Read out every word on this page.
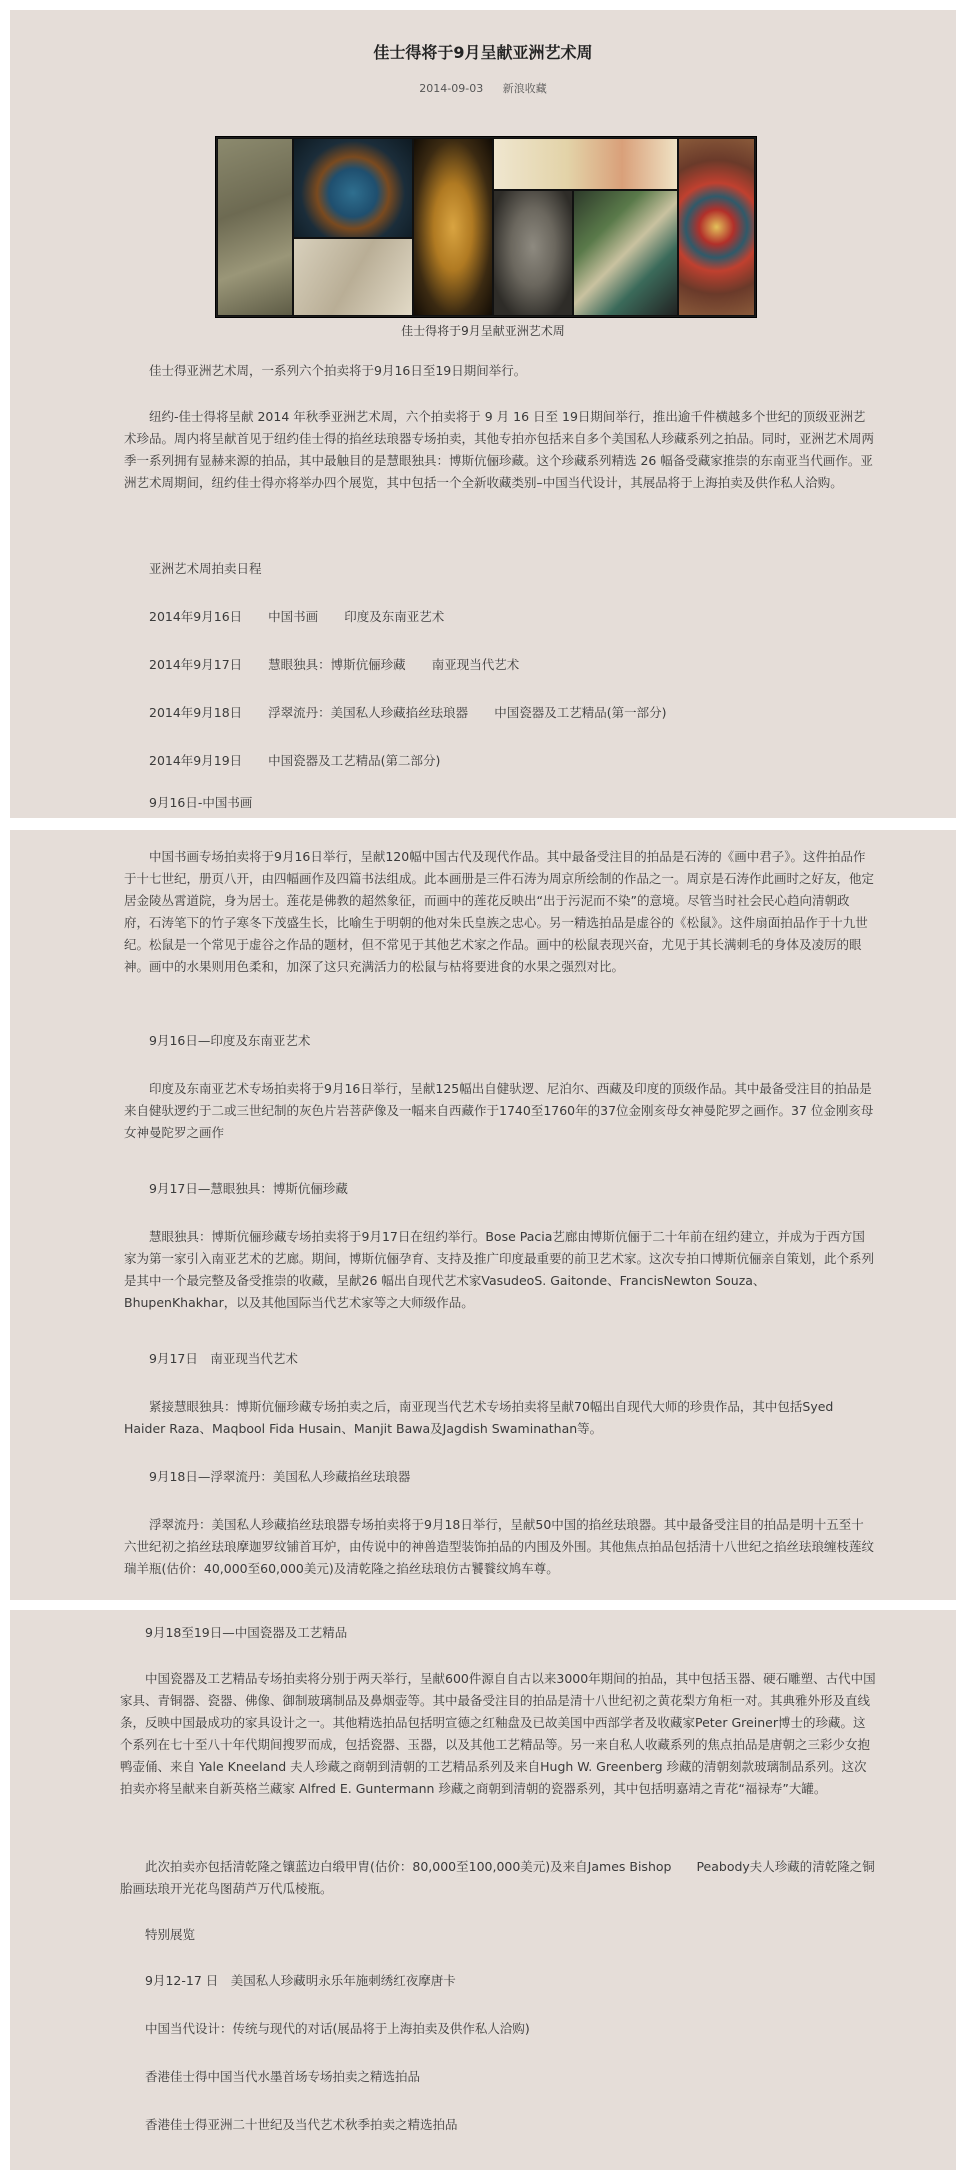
佳士得将于9月呈献亚洲艺术周
2014-09-03 新浪收藏
佳士得将于9月呈献亚洲艺术周

佳士得亚洲艺术周，一系列六个拍卖将于9月16日至19日期间举行。

纽约-佳士得将呈献 2014 年秋季亚洲艺术周，六个拍卖将于 9 月 16 日至 19日期间举行，推出逾千件横越多个世纪的顶级亚洲艺术珍品。周内将呈献首见于纽约佳士得的掐丝珐琅器专场拍卖，其他专拍亦包括来自多个美国私人珍藏系列之拍品。同时，亚洲艺术周两季一系列拥有显赫来源的拍品，其中最触目的是慧眼独具：博斯伉俪珍藏。这个珍藏系列精选 26 幅备受藏家推崇的东南亚当代画作。亚洲艺术周期间，纽约佳士得亦将举办四个展览，其中包括一个全新收藏类别–中国当代设计，其展品将于上海拍卖及供作私人洽购。

亚洲艺术周拍卖日程

2014年9月16日 中国书画 印度及东南亚艺术

2014年9月17日 慧眼独具：博斯伉俪珍藏 南亚现当代艺术

2014年9月18日 浮翠流丹：美国私人珍藏掐丝珐琅器 中国瓷器及工艺精品(第一部分)

2014年9月19日 中国瓷器及工艺精品(第二部分)

9月16日-中国书画

中国书画专场拍卖将于9月16日举行，呈献120幅中国古代及现代作品。其中最备受注目的拍品是石涛的《画中君子》。这件拍品作于十七世纪，册页八开，由四幅画作及四篇书法组成。此本画册是三件石涛为周京所绘制的作品之一。周京是石涛作此画时之好友，他定居金陵丛霄道院，身为居士。莲花是佛教的超然象征，而画中的莲花反映出“出于污泥而不染”的意境。尽管当时社会民心趋向清朝政府，石涛笔下的竹子寒冬下茂盛生长，比喻生于明朝的他对朱氏皇族之忠心。另一精选拍品是虚谷的《松鼠》。这件扇面拍品作于十九世纪。松鼠是一个常见于虚谷之作品的题材，但不常见于其他艺术家之作品。画中的松鼠表现兴奋，尤见于其长满刺毛的身体及凌厉的眼神。画中的水果则用色柔和，加深了这只充满活力的松鼠与枯将要进食的水果之强烈对比。

9月16日—印度及东南亚艺术

印度及东南亚艺术专场拍卖将于9月16日举行，呈献125幅出自健驮逻、尼泊尔、西藏及印度的顶级作品。其中最备受注目的拍品是来自健驮逻约于二或三世纪制的灰色片岩菩萨像及一幅来自西藏作于1740至1760年的37位金刚亥母女神曼陀罗之画作。37 位金刚亥母女神曼陀罗之画作

9月17日—慧眼独具：博斯伉俪珍藏

慧眼独具：博斯伉俪珍藏专场拍卖将于9月17日在纽约举行。Bose Pacia艺廊由博斯伉俪于二十年前在纽约建立，并成为于西方国家为第一家引入南亚艺术的艺廊。期间，博斯伉俪孕育、支持及推广印度最重要的前卫艺术家。这次专拍口博斯伉俪亲自策划，此个系列是其中一个最完整及备受推崇的收藏，呈献26 幅出自现代艺术家VasudeoS. Gaitonde、FrancisNewton Souza、BhupenKhakhar，以及其他国际当代艺术家等之大师级作品。

9月17日　南亚现当代艺术

紧接慧眼独具：博斯伉俪珍藏专场拍卖之后，南亚现当代艺术专场拍卖将呈献70幅出自现代大师的珍贵作品，其中包括Syed Haider Raza、Maqbool Fida Husain、Manjit Bawa及Jagdish Swaminathan等。

9月18日—浮翠流丹：美国私人珍藏掐丝珐琅器

浮翠流丹：美国私人珍藏掐丝珐琅器专场拍卖将于9月18日举行，呈献50中国的掐丝珐琅器。其中最备受注目的拍品是明十五至十六世纪初之掐丝珐琅摩迦罗纹铺首耳炉，由传说中的神兽造型装饰拍品的内围及外围。其他焦点拍品包括清十八世纪之掐丝珐琅缠枝莲纹瑞羊瓶(估价：40,000至60,000美元)及清乾隆之掐丝珐琅仿古饕餮纹鸠车尊。

9月18至19日—中国瓷器及工艺精品

中国瓷器及工艺精品专场拍卖将分别于两天举行，呈献600件源自自古以来3000年期间的拍品，其中包括玉器、硬石雕塑、古代中国家具、青铜器、瓷器、佛像、御制玻璃制品及鼻烟壶等。其中最备受注目的拍品是清十八世纪初之黄花梨方角柜一对。其典雅外形及直线条，反映中国最成功的家具设计之一。其他精选拍品包括明宣德之红釉盘及已故美国中西部学者及收藏家Peter Greiner博士的珍藏。这个系列在七十至八十年代期间搜罗而成，包括瓷器、玉器，以及其他工艺精品等。另一来自私人收藏系列的焦点拍品是唐朝之三彩少女抱鸭壶俑、来自 Yale Kneeland 夫人珍藏之商朝到清朝的工艺精品系列及来自Hugh W. Greenberg 珍藏的清朝刻款玻璃制品系列。这次拍卖亦将呈献来自新英格兰藏家 Alfred E. Guntermann 珍藏之商朝到清朝的瓷器系列，其中包括明嘉靖之青花“福禄寿”大罐。

此次拍卖亦包括清乾隆之镶蓝边白缎甲胄(估价：80,000至100,000美元)及来自James Bishop　　Peabody夫人珍藏的清乾隆之铜胎画珐琅开光花鸟图葫芦万代瓜棱瓶。

特别展览

9月12-17 日　美国私人珍藏明永乐年施刺绣红夜摩唐卡

中国当代设计：传统与现代的对话(展品将于上海拍卖及供作私人洽购)

香港佳士得中国当代水墨首场专场拍卖之精选拍品

香港佳士得亚洲二十世纪及当代艺术秋季拍卖之精选拍品
